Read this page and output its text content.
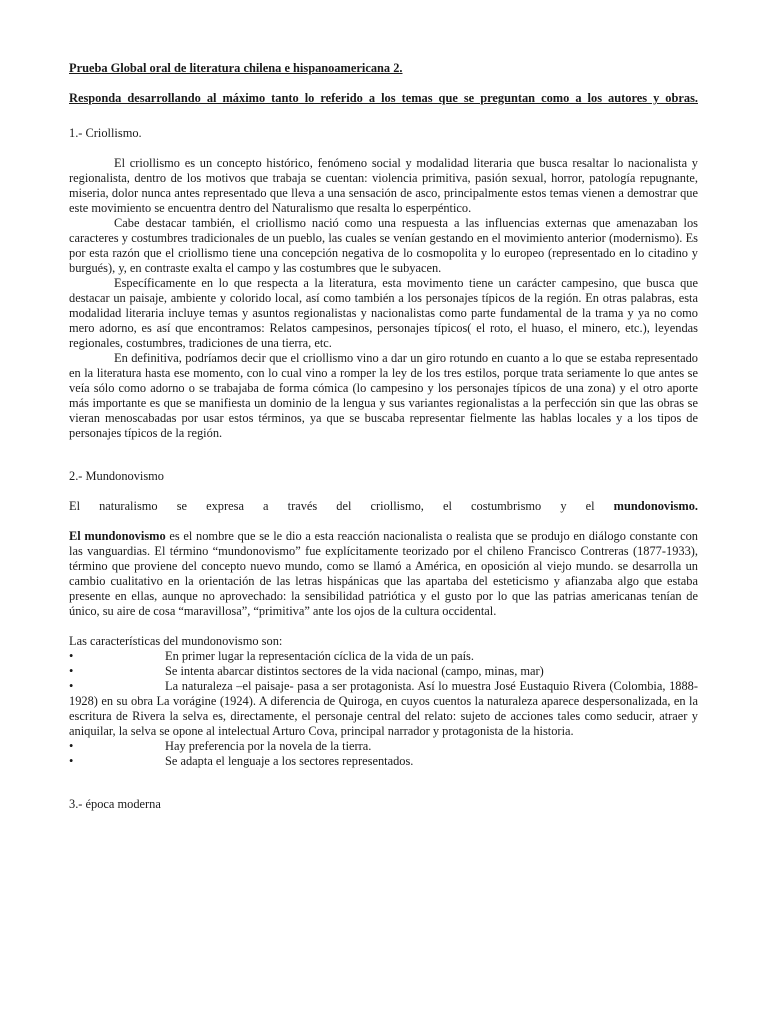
Prueba Global oral de literatura chilena e hispanoamericana 2.

Responda desarrollando al máximo tanto lo referido a los temas que se preguntan como a los autores y obras.

1.- Criollismo.

El criollismo es un concepto histórico, fenómeno social y modalidad literaria que busca resaltar lo nacionalista y regionalista, dentro de los motivos que trabaja se cuentan: violencia primitiva, pasión sexual, horror, patología repugnante, miseria, dolor nunca antes representado que lleva a una sensación de asco, principalmente estos temas vienen a demostrar que este movimiento se encuentra dentro del Naturalismo que resalta lo esperpéntico.

Cabe destacar también, el criollismo nació como una respuesta a las influencias externas que amenazaban los caracteres y costumbres tradicionales de un pueblo, las cuales se venían gestando en el movimiento anterior (modernismo). Es por esta razón que el criollismo tiene una concepción negativa de lo cosmopolita y lo europeo (representado en lo citadino y burgués), y, en contraste exalta el campo y las costumbres que le subyacen.

Específicamente en lo que respecta a la literatura, esta movimento tiene un carácter campesino, que busca que destacar un paisaje, ambiente y colorido local, así como también a los personajes típicos de la región. En otras palabras, esta modalidad literaria incluye temas y asuntos regionalistas y nacionalistas como parte fundamental de la trama y ya no como mero adorno, es así que encontramos: Relatos campesinos, personajes típicos( el roto, el huaso, el minero, etc.), leyendas regionales, costumbres, tradiciones de una tierra, etc.

En definitiva, podríamos decir que el criollismo vino a dar un giro rotundo en cuanto a lo que se estaba representado en la literatura hasta ese momento, con lo cual vino a romper la ley de los tres estilos, porque trata seriamente lo que antes se veía sólo como adorno o se trabajaba de forma cómica (lo campesino y los personajes típicos de una zona) y el otro aporte más importante es que se manifiesta un dominio de la lengua y sus variantes regionalistas a la perfección sin que las obras se vieran menoscabadas por usar estos términos, ya que se buscaba representar fielmente las hablas locales y a los tipos de personajes típicos de la región.

2.- Mundonovismo

El naturalismo se expresa a través del criollismo, el costumbrismo y el mundonovismo.

El mundonovismo es el nombre que se le dio a esta reacción nacionalista o realista que se produjo en diálogo constante con las vanguardias. El término “mundonovismo” fue explícitamente teorizado por el chileno Francisco Contreras (1877-1933), término que proviene del concepto nuevo mundo, como se llamó a América, en oposición al viejo mundo. se desarrolla un cambio cualitativo en la orientación de las letras hispánicas que las apartaba del esteticismo y afianzaba algo que estaba presente en ellas, aunque no aprovechado: la sensibilidad patriótica y el gusto por lo que las patrias americanas tenían de único, su aire de cosa “maravillosa”, “primitiva” ante los ojos de la cultura occidental.

Las características del mundonovismo son:

•	En primer lugar la representación cíclica de la vida de un país.
•	Se intenta abarcar distintos sectores de la vida nacional (campo, minas, mar)

•	La naturaleza –el paisaje- pasa a ser protagonista. Así lo muestra José Eustaquio Rivera (Colombia, 1888-1928) en su obra La vorágine (1924). A diferencia de Quiroga, en cuyos cuentos la naturaleza aparece despersonalizada, en la escritura de Rivera la selva es, directamente, el personaje central del relato: sujeto de acciones tales como seducir, atraer y aniquilar, la selva se opone al intelectual Arturo Cova, principal narrador y protagonista de la historia.

•	Hay preferencia por la novela de la tierra.
•	Se adapta el lenguaje a los sectores representados.

3.- época moderna
